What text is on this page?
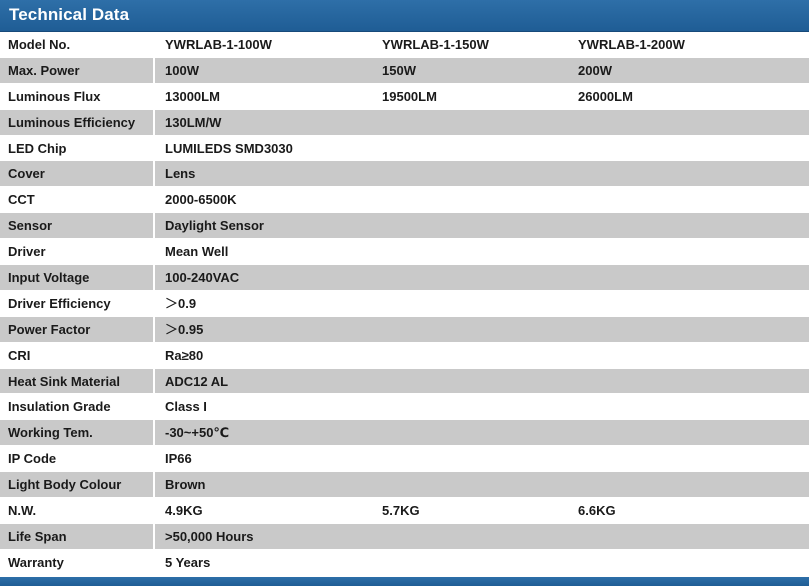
Technical Data
Model No.	YWRLAB-1-100W	YWRLAB-1-150W	YWRLAB-1-200W
Max. Power	100W	150W	200W
Luminous Flux	13000LM	19500LM	26000LM
Luminous Efficiency 130LM/W
LED Chip	LUMILEDS SMD3030
Cover	Lens
CCT	2000-6500K
Sensor	Daylight Sensor
Driver	Mean Well
Input Voltage	100-240VAC
Driver Efficiency	＞0.9
Power Factor	＞0.95
CRI	Ra≥80
Heat Sink Material	ADC12 AL
Insulation Grade	Class I
Working Tem.	-30~+50℃
IP Code	IP66
Light Body Colour	Brown
N.W.	4.9KG	5.7KG	6.6KG
Life Span	>50,000 Hours
Warranty	5 Years
